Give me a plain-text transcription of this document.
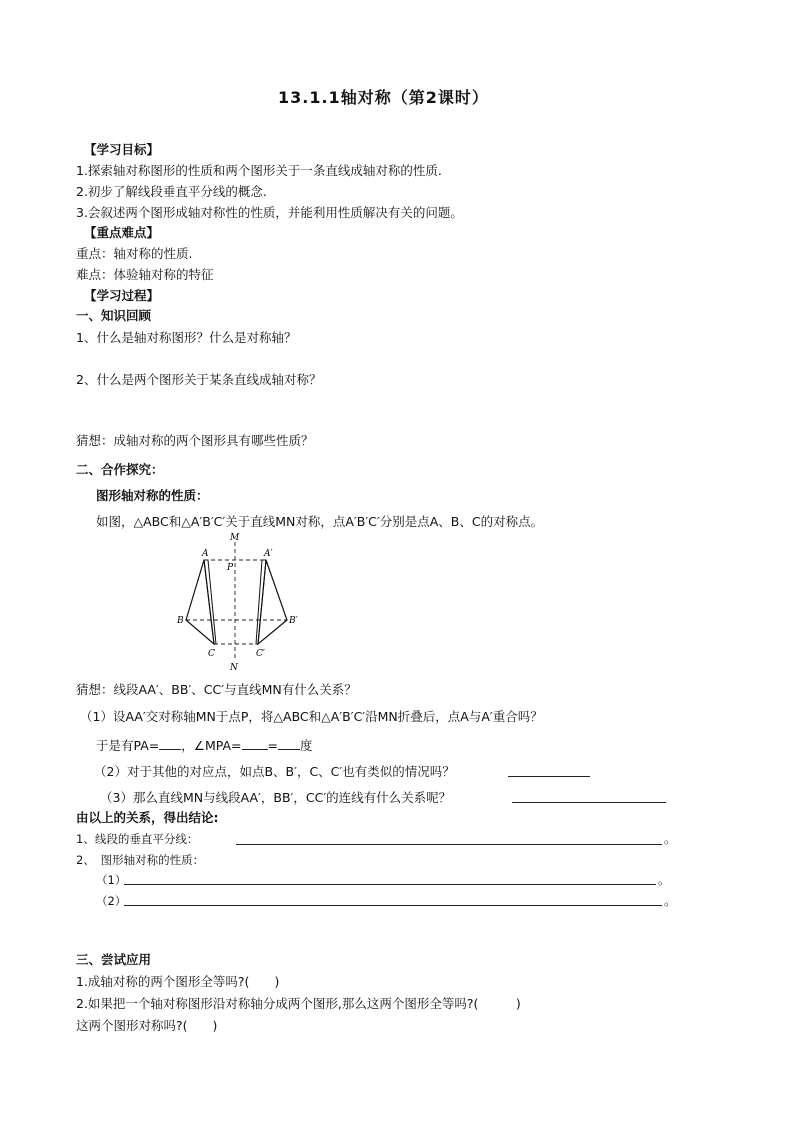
13.1.1轴对称（第2课时）
【学习目标】
1.探索轴对称图形的性质和两个图形关于一条直线成轴对称的性质.
2.初步了解线段垂直平分线的概念.
3.会叙述两个图形成轴对称性的性质，并能利用性质解决有关的问题。
【重点难点】
重点：轴对称的性质.
难点：体验轴对称的特征
【学习过程】
一、知识回顾
1、什么是轴对称图形？什么是对称轴？
2、什么是两个图形关于某条直线成轴对称？
猜想：成轴对称的两个图形具有哪些性质？
二、合作探究：
图形轴对称的性质：
如图，△ABC和△A′B′C′关于直线MN对称，点A′B′C′分别是点A、B、C的对称点。
M
N
P
A	A′
B	B′
C	C′
猜想：线段AA′、BB′、CC′与直线MN有什么关系？
（1）设AA′交对称轴MN于点P，将△ABC和△A′B′C′沿MN折叠后，点A与A′重合吗？
于是有PA= ，∠MPA= = 度
（2）对于其他的对应点，如点B、B′，C、C′也有类似的情况吗？
（3）那么直线MN与线段AA′，BB′，CC′的连线有什么关系呢？
由以上的关系，得出结论:
1、线段的垂直平分线：	。
2、　图形轴对称的性质：
（1）	。
（2）	。
三、尝试应用
1.成轴对称的两个图形全等吗?(　　)
2.如果把一个轴对称图形沿对称轴分成两个图形,那么这两个图形全等吗?(　　　)
这两个图形对称吗?(　　)
